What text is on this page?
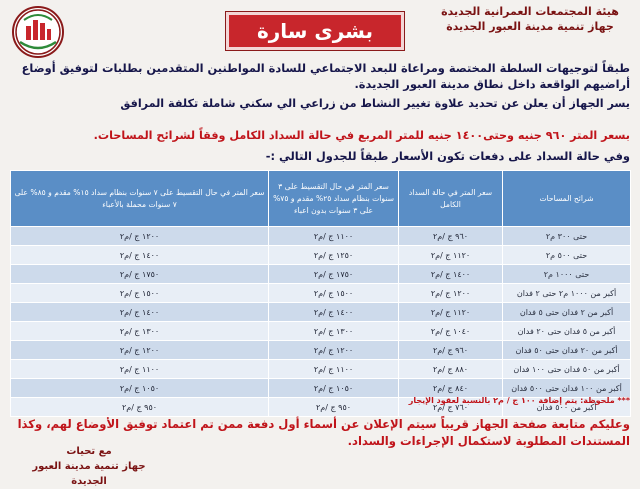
بشرى سارة
هيئة المجتمعات العمرانية الجديدة
جهاز تنمية مدينة العبور الجديدة
طبقاً لتوجيهات السلطة المختصة ومراعاة للبعد الاجتماعي للسادة المواطنين المتقدمين بطلبات لتوفيق أوضاع أراضيهم الواقعة داخل نطاق مدينة العبور الجديدة.
يسر الجهاز أن يعلن عن تحديد علاوة تغيير النشاط من زراعي الي سكني شاملة تكلفة المرافق
بسعر المتر ٩٦٠ جنيه وحتى١٤٠٠ جنيه للمتر المربع في حالة السداد الكامل وفقاً لشرائح المساحات.
وفي حالة السداد على دفعات تكون الأسعار طبقاً للجدول التالي :-
شرائح المساحات	سعر المتر في حالة السداد الكامل	سعر المتر في حال التقسيط على ٣ سنوات بنظام سداد ٢٥% مقدم و ٧٥% على ٣ سنوات بدون اعباء	سعر المتر في حال التقسيط على ٧ سنوات بنظام سداد ١٥% مقدم و ٨٥% على ٧ سنوات محملة بالأعباء
حتى ٣٠٠ م٢	٩٦٠ ج /م٢	١١٠٠ ج /م٢	١٢٠٠ ج /م٢
حتى ٥٠٠ م٢	١١٢٠ ج /م٢	١٢٥٠ ج /م٢	١٤٠٠ ج /م٢
حتى ١٠٠٠ م٢	١٤٠٠ ج /م٢	١٧٥٠ ج /م٢	١٧٥٠ ج /م٢
أكبر من ١٠٠٠ م٢ حتى ٢ فدان	١٢٠٠ ج /م٢	١٥٠٠ ج /م٢	١٥٠٠ ج /م٢
أكبر من ٢ فدان حتى ٥ فدان	١١٢٠ ج /م٢	١٤٠٠ ج /م٢	١٤٠٠ ج /م٢
أكبر من ٥ فدان حتى ٢٠ فدان	١٠٤٠ ج /م٢	١٣٠٠ ج /م٢	١٣٠٠ ج /م٢
أكبر من ٢٠ فدان حتى ٥٠ فدان	٩٦٠ ج /م٢	١٢٠٠ ج /م٢	١٢٠٠ ج /م٢
أكبر من ٥٠ فدان حتى ١٠٠ فدان	٨٨٠ ج /م٢	١١٠٠ ج /م٢	١١٠٠ ج /م٢
أكبر من ١٠٠ فدان حتى ٥٠٠ فدان	٨٤٠ ج /م٢	١٠٥٠ ج /م٢	١٠٥٠ ج /م٢
أكبر من ٥٠٠ فدان	٧٦٠ ج /م٢	٩٥٠ ج /م٢	٩٥٠ ج /م٢
*** ملحوظة: يتم إضافة ١٠٠ ج / م٢ بالنسبة لعقود الإيجار
وعليكم متابعة صفحة الجهاز قريباً سيتم الإعلان عن أسماء أول دفعة ممن تم اعتماد توفيق الأوضاع لهم، وكذا المستندات المطلوبة لاستكمال الإجراءات والسداد.
مع تحيات
جهاز تنمية مدينة العبور الجديدة
